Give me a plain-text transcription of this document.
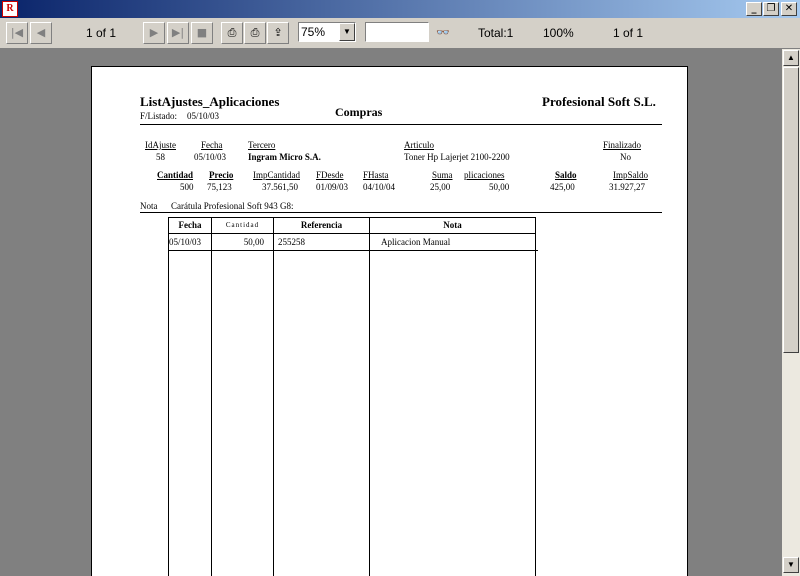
R	_	❐ ✕
|◀	◀	1 of 1	▶	▶|	■	⎙	⎙	⇪	75%	▼	👓	Total:1 100%	1 of 1
ListAjustes_Aplicaciones	Profesional Soft S.L.
Compras
F/Listado: 05/10/03
IdAjuste	Fecha	Tercero	Articulo	Finalizado
58	05/10/03 Ingram Micro S.A.	Toner Hp Lajerjet 2100-2200	No
Cantidad Precio ImpCantidad FDesde FHasta	Suma plicaciones	Saldo	ImpSaldo
500 75,123	37.561,50 01/09/03 04/10/04	25,00	50,00	425,00	31.927,27
Nota Carátula Profesional Soft 943 G8:
Fecha	Cantidad	Referencia	Nota
05/10/03	50,00 255258	Aplicacion Manual
▲
▼
